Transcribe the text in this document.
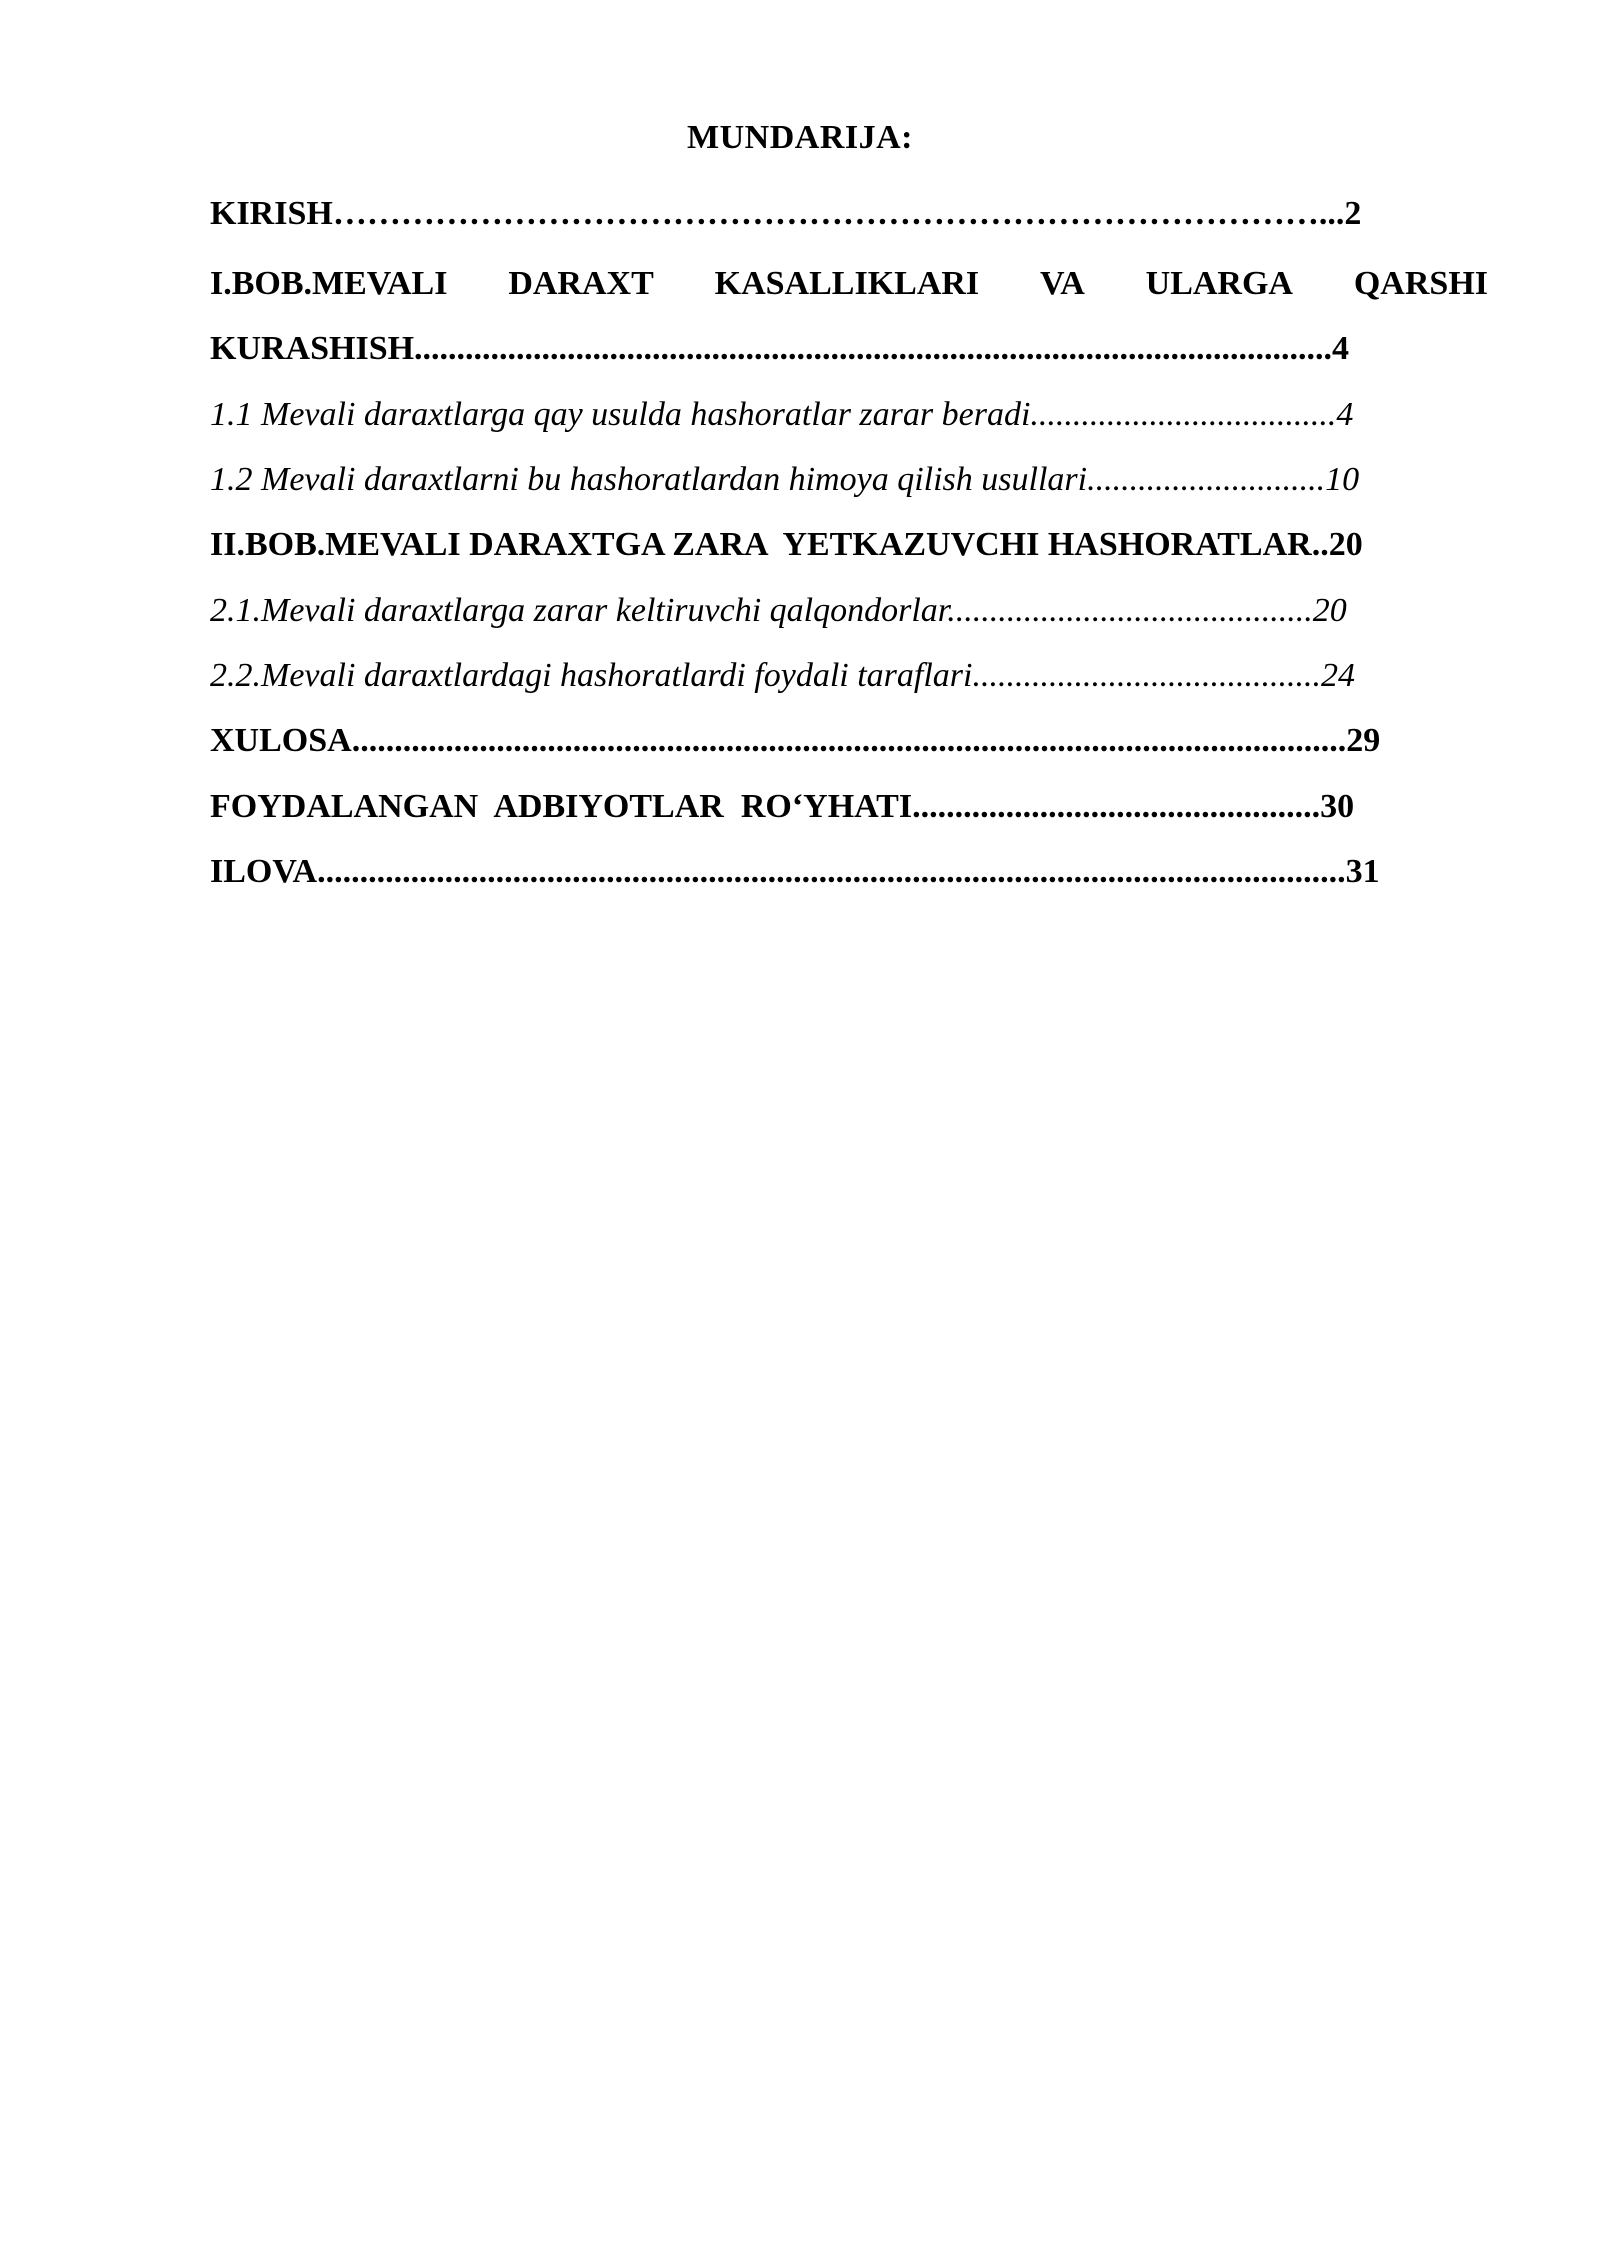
MUNDARIJA:
KIRISH……………………………………………………………………………...2
I.BOB.MEVALI DARAXT KASALLIKLARI VA ULARGA QARSHI
KURASHISH............................................................................................................4
1.1 Mevali daraxtlarga qay usulda hashoratlar zarar beradi....................................4
1.2 Mevali daraxtlarni bu hashoratlardan himoya qilish usullari............................10
II.BOB.MEVALI DARAXTGA ZARA  YETKAZUVCHI HASHORATLAR..20
2.1.Mevali daraxtlarga zarar keltiruvchi qalqondorlar...........................................20
2.2.Mevali daraxtlardagi hashoratlardi foydali taraflari.........................................24
XULOSA.....................................................................................................................29
FOYDALANGAN  ADBIYOTLAR  RO‘YHATI................................................30
ILOVA.........................................................................................................................31
